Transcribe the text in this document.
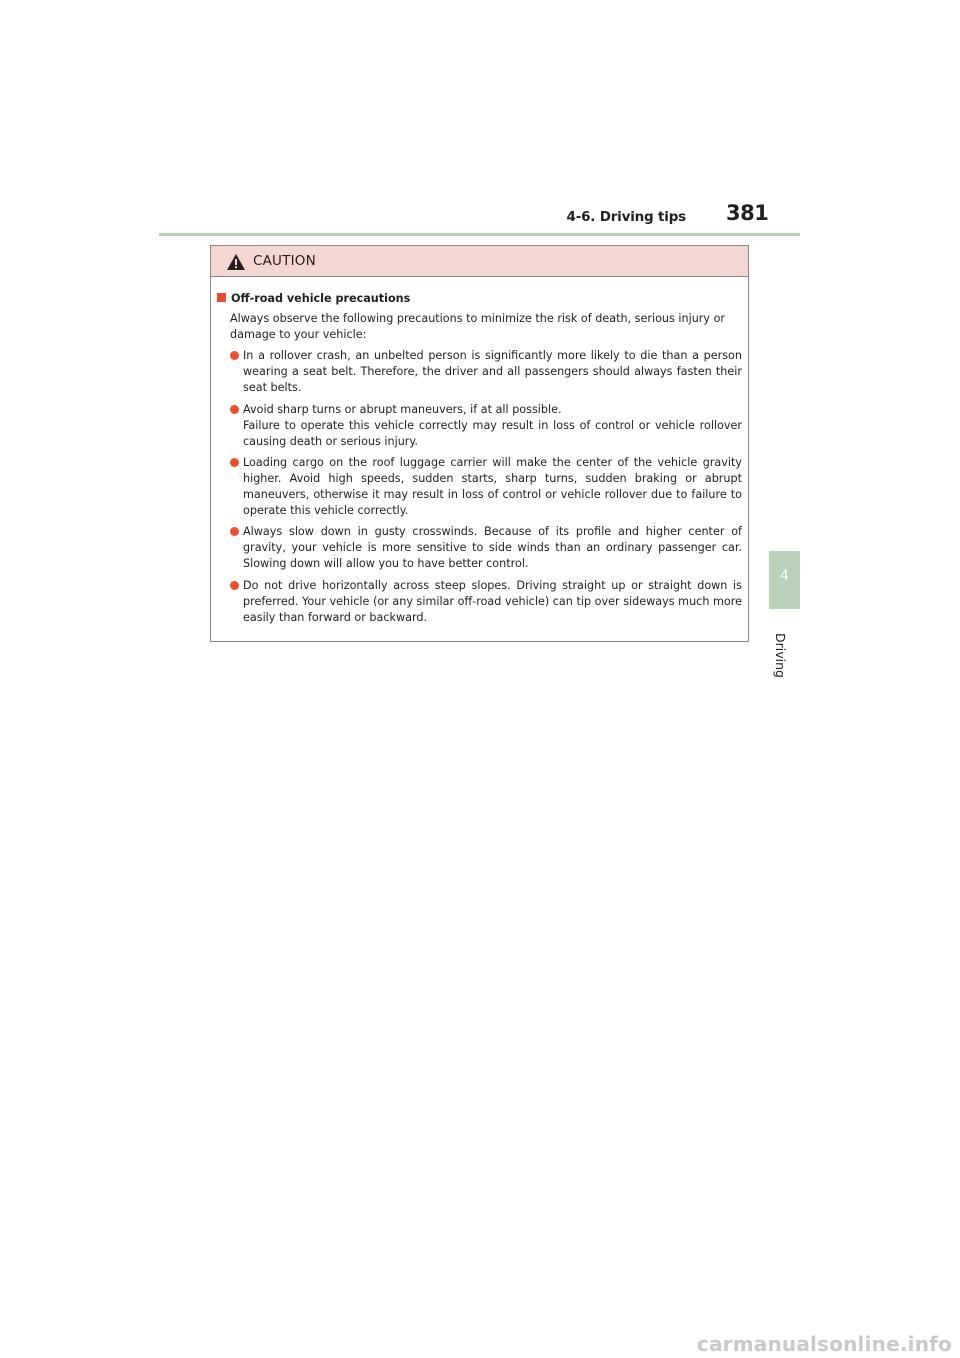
4-6. Driving tips 381
4
Driving
CAUTION
Off-road vehicle precautions
Always observe the following precautions to minimize the risk of death, serious injury or damage to your vehicle:
In a rollover crash, an unbelted person is significantly more likely to die than a person wearing a seat belt. Therefore, the driver and all passengers should always fasten their seat belts.
Avoid sharp turns or abrupt maneuvers, if at all possible.
Failure to operate this vehicle correctly may result in loss of control or vehicle rollover causing death or serious injury.
Loading cargo on the roof luggage carrier will make the center of the vehicle gravity higher. Avoid high speeds, sudden starts, sharp turns, sudden braking or abrupt maneuvers, otherwise it may result in loss of control or vehicle rollover due to failure to operate this vehicle correctly.
Always slow down in gusty crosswinds. Because of its profile and higher center of gravity, your vehicle is more sensitive to side winds than an ordinary passenger car. Slowing down will allow you to have better control.
Do not drive horizontally across steep slopes. Driving straight up or straight down is preferred. Your vehicle (or any similar off-road vehicle) can tip over sideways much more easily than forward or backward.
carmanualsonline.info
